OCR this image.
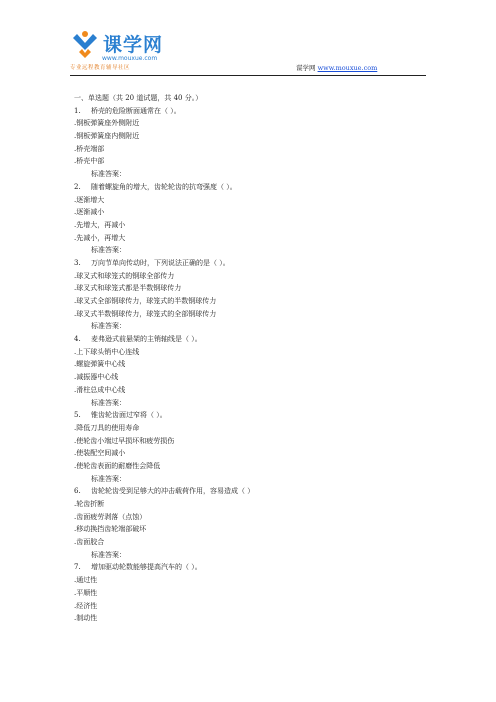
课学网
www.mouxue.com
专业远程教育辅导社区	谋学网 www.mouxue.com
一、单选题（共 20 道试题，共 40 分。）
1. 桥壳的危险断面通常在（ ）。
.钢板弹簧座外侧附近
.钢板弹簧座内侧附近
.桥壳端部
.桥壳中部
标准答案：
2. 随着螺旋角的增大，齿轮轮齿的抗弯强度（ ）。
.逐渐增大
.逐渐减小
.先增大，再减小
.先减小，再增大
标准答案：
3. 万向节单向传动时，下列说法正确的是（ ）。
.球叉式和球笼式的钢球全部传力
.球叉式和球笼式都是半数钢球传力
.球叉式全部钢球传力，球笼式的半数钢球传力
.球叉式半数钢球传力，球笼式的全部钢球传力
标准答案：
4. 麦弗逊式前悬架的主销轴线是（ ）。
.上下球头销中心连线
.螺旋弹簧中心线
.减振器中心线
.滑柱总成中心线
标准答案：
5. 锥齿轮齿面过窄将（ ）。
.降低刀具的使用寿命
.使轮齿小端过早损坏和疲劳损伤
.使装配空间减小
.使轮齿表面的耐磨性会降低
标准答案：
6. 齿轮轮齿受到足够大的冲击载荷作用，容易造成（ ）
.轮齿折断
.齿面疲劳剥落（点蚀）
.移动换挡齿轮端部破坏
.齿面胶合
标准答案：
7. 增加驱动轮数能够提高汽车的（ ）。
.通过性
.平顺性
.经济性
.制动性
